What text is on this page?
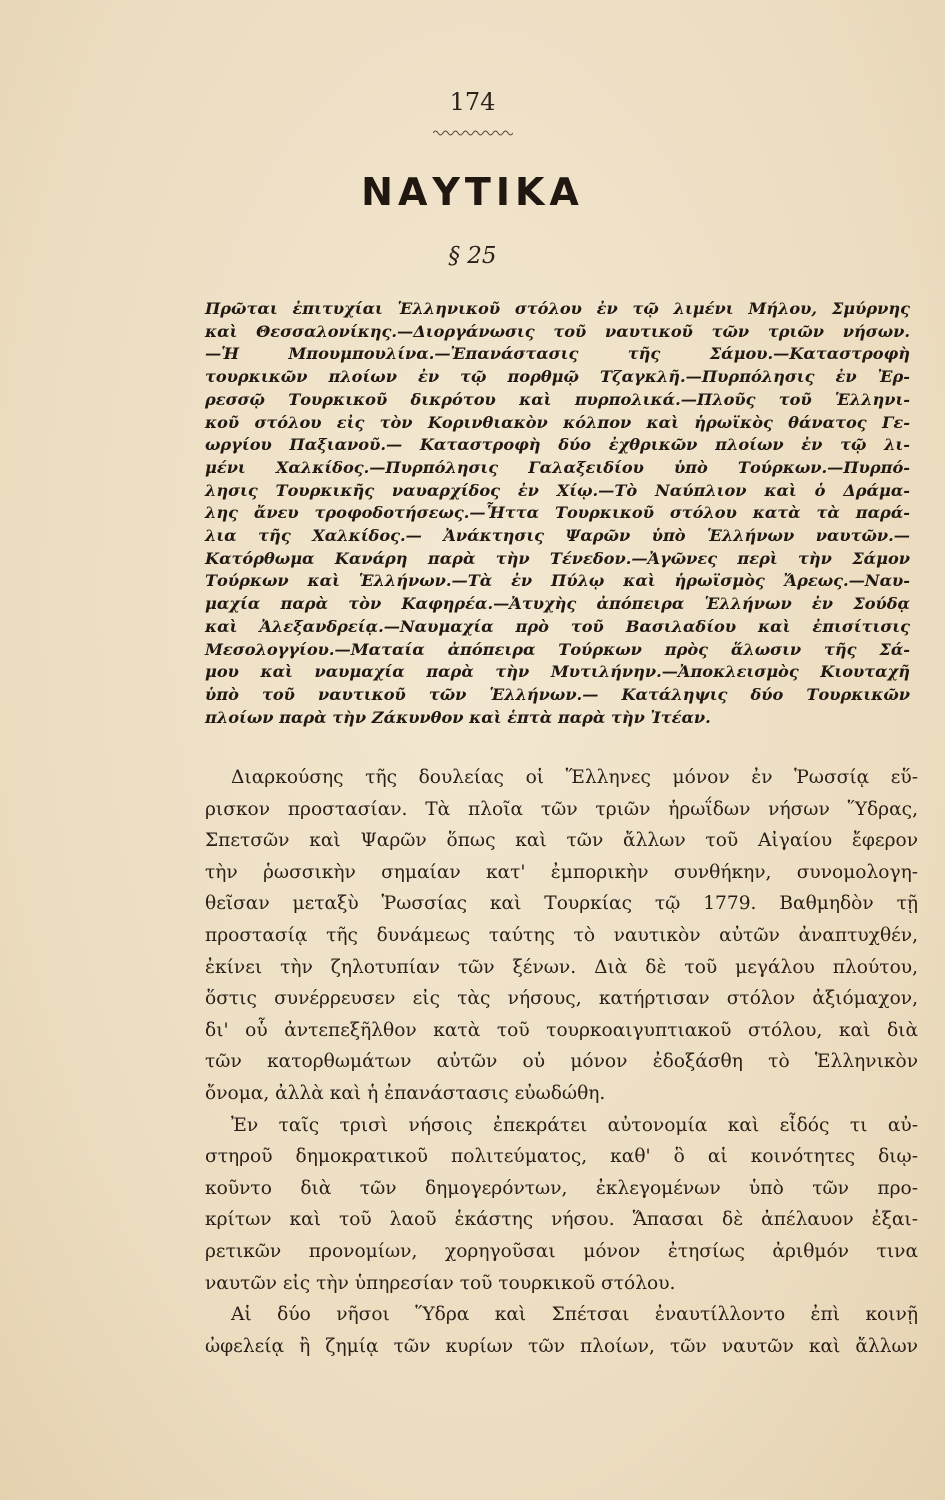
174
ΝΑΥΤΙΚΑ
§ 25
Πρῶται ἐπιτυχίαι Ἑλληνικοῦ στόλου ἐν τῷ λιμένι Μήλου, Σμύρνης
καὶ Θεσσαλονίκης.—Διοργάνωσις τοῦ ναυτικοῦ τῶν τριῶν νήσων.
—Ἡ Μπουμπουλίνα.—Ἐπανάστασις τῆς Σάμου.—Καταστροφὴ
τουρκικῶν πλοίων ἐν τῷ πορθμῷ Τζαγκλῆ.—Πυρπόλησις ἐν Ἐρ-
ρεσσῷ Τουρκικοῦ δικρότου καὶ πυρπολικά.—Πλοῦς τοῦ Ἑλληνι-
κοῦ στόλου εἰς τὸν Κορινθιακὸν κόλπον καὶ ἡρωϊκὸς θάνατος Γε-
ωργίου Παξιανοῦ.— Καταστροφὴ δύο ἐχθρικῶν πλοίων ἐν τῷ λι-
μένι Χαλκίδος.—Πυρπόλησις Γαλαξειδίου ὑπὸ Τούρκων.—Πυρπό-
λησις Τουρκικῆς ναυαρχίδος ἐν Χίῳ.—Τὸ Ναύπλιον καὶ ὁ Δράμα-
λης ἄνευ τροφοδοτήσεως.—Ἧττα Τουρκικοῦ στόλου κατὰ τὰ παρά-
λια τῆς Χαλκίδος.— Ἀνάκτησις Ψαρῶν ὑπὸ Ἑλλήνων ναυτῶν.—
Κατόρθωμα Κανάρη παρὰ τὴν Τένεδον.—Ἀγῶνες περὶ τὴν Σάμον
Τούρκων καὶ Ἑλλήνων.—Τὰ ἐν Πύλῳ καὶ ἡρωϊσμὸς Ἄρεως.—Ναυ-
μαχία παρὰ τὸν Καφηρέα.—Ἀτυχὴς ἀπόπειρα Ἑλλήνων ἐν Σούδᾳ
καὶ Ἀλεξανδρείᾳ.—Ναυμαχία πρὸ τοῦ Βασιλαδίου καὶ ἐπισίτισις
Μεσολογγίου.—Ματαία ἀπόπειρα Τούρκων πρὸς ἅλωσιν τῆς Σά-
μου καὶ ναυμαχία παρὰ τὴν Μυτιλήνην.—Ἀποκλεισμὸς Κιουταχῆ
ὑπὸ τοῦ ναυτικοῦ τῶν Ἑλλήνων.— Κατάληψις δύο Τουρκικῶν
πλοίων παρὰ τὴν Ζάκυνθον καὶ ἑπτὰ παρὰ τὴν Ἰτέαν.

Διαρκούσης τῆς δουλείας οἱ Ἕλληνες μόνον ἐν Ῥωσσίᾳ εὕ-
ρισκον προστασίαν. Τὰ πλοῖα τῶν τριῶν ἡρωΐδων νήσων Ὕδρας,
Σπετσῶν καὶ Ψαρῶν ὅπως καὶ τῶν ἄλλων τοῦ Αἰγαίου ἔφερον
τὴν ῥωσσικὴν σημαίαν κατ' ἐμπορικὴν συνθήκην, συνομολογη-
θεῖσαν μεταξὺ Ῥωσσίας καὶ Τουρκίας τῷ 1779. Βαθμηδὸν τῇ
προστασίᾳ τῆς δυνάμεως ταύτης τὸ ναυτικὸν αὐτῶν ἀναπτυχθέν,
ἐκίνει τὴν ζηλοτυπίαν τῶν ξένων. Διὰ δὲ τοῦ μεγάλου πλούτου,
ὅστις συνέρρευσεν εἰς τὰς νήσους, κατήρτισαν στόλον ἀξιόμαχον,
δι' οὗ ἀντεπεξῆλθον κατὰ τοῦ τουρκοαιγυπτιακοῦ στόλου, καὶ διὰ
τῶν κατορθωμάτων αὐτῶν οὐ μόνον ἐδοξάσθη τὸ Ἑλληνικὸν
ὄνομα, ἀλλὰ καὶ ἡ ἐπανάστασις εὐωδώθη.

Ἐν ταῖς τρισὶ νήσοις ἐπεκράτει αὐτονομία καὶ εἶδός τι αὐ-
στηροῦ δημοκρατικοῦ πολιτεύματος, καθ' ὃ αἱ κοινότητες διῳ-
κοῦντο διὰ τῶν δημογερόντων, ἐκλεγομένων ὑπὸ τῶν προ-
κρίτων καὶ τοῦ λαοῦ ἑκάστης νήσου. Ἅπασαι δὲ ἀπέλαυον ἐξαι-
ρετικῶν προνομίων, χορηγοῦσαι μόνον ἐτησίως ἀριθμόν τινα
ναυτῶν εἰς τὴν ὑπηρεσίαν τοῦ τουρκικοῦ στόλου.

Αἱ δύο νῆσοι Ὕδρα καὶ Σπέτσαι ἐναυτίλλοντο ἐπὶ κοινῇ
ὠφελείᾳ ἢ ζημίᾳ τῶν κυρίων τῶν πλοίων, τῶν ναυτῶν καὶ ἄλλων
